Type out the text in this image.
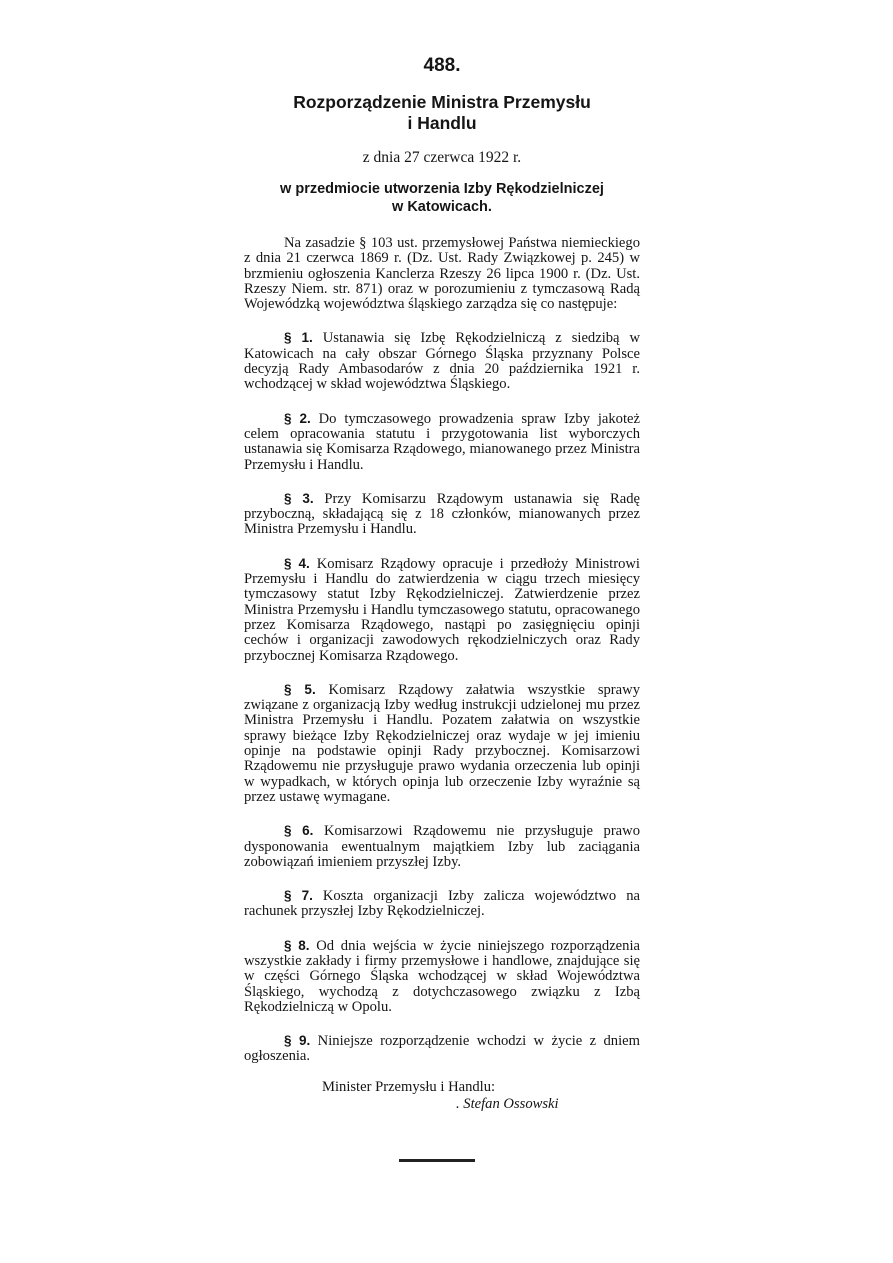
488.
Rozporządzenie Ministra Przemysłu
i Handlu
z dnia 27 czerwca 1922 r.
w przedmiocie utworzenia Izby Rękodzielniczej
w Katowicach.

Na zasadzie § 103 ust. przemysłowej Państwa niemieckiego z dnia 21 czerwca 1869 r. (Dz. Ust. Rady Związkowej p. 245) w brzmieniu ogłoszenia Kanclerza Rzeszy 26 lipca 1900 r. (Dz. Ust. Rzeszy Niem. str. 871) oraz w porozumieniu z tymczasową Radą Wojewódzką województwa śląskiego zarządza się co następuje:

§ 1. Ustanawia się Izbę Rękodzielniczą z siedzibą w Katowicach na cały obszar Górnego Śląska przyznany Polsce decyzją Rady Ambasodarów z dnia 20 października 1921 r. wchodzącej w skład województwa Śląskiego.

§ 2. Do tymczasowego prowadzenia spraw Izby jakoteż celem opracowania statutu i przygotowania list wyborczych ustanawia się Komisarza Rządowego, mianowanego przez Ministra Przemysłu i Handlu.

§ 3. Przy Komisarzu Rządowym ustanawia się Radę przyboczną, składającą się z 18 członków, mianowanych przez Ministra Przemysłu i Handlu.

§ 4. Komisarz Rządowy opracuje i przedłoży Ministrowi Przemysłu i Handlu do zatwierdzenia w ciągu trzech miesięcy tymczasowy statut Izby Rękodzielniczej. Zatwierdzenie przez Ministra Przemysłu i Handlu tymczasowego statutu, opracowanego przez Komisarza Rządowego, nastąpi po zasięgnięciu opinji cechów i organizacji zawodowych rękodzielniczych oraz Rady przybocznej Komisarza Rządowego.

§ 5. Komisarz Rządowy załatwia wszystkie sprawy związane z organizacją Izby według instrukcji udzielonej mu przez Ministra Przemysłu i Handlu. Pozatem załatwia on wszystkie sprawy bieżące Izby Rękodzielniczej oraz wydaje w jej imieniu opinje na podstawie opinji Rady przybocznej. Komisarzowi Rządowemu nie przysługuje prawo wydania orzeczenia lub opinji w wypadkach, w których opinja lub orzeczenie Izby wyraźnie są przez ustawę wymagane.

§ 6. Komisarzowi Rządowemu nie przysługuje prawo dysponowania ewentualnym majątkiem Izby lub zaciągania zobowiązań imieniem przyszłej Izby.

§ 7. Koszta organizacji Izby zalicza województwo na rachunek przyszłej Izby Rękodzielniczej.

§ 8. Od dnia wejścia w życie niniejszego rozporządzenia wszystkie zakłady i firmy przemysłowe i handlowe, znajdujące się w części Górnego Śląska wchodzącej w skład Województwa Śląskiego, wychodzą z dotychczasowego związku z Izbą Rękodzielniczą w Opolu.

§ 9. Niniejsze rozporządzenie wchodzi w życie z dniem ogłoszenia.

Minister Przemysłu i Handlu:
. Stefan Ossowski
